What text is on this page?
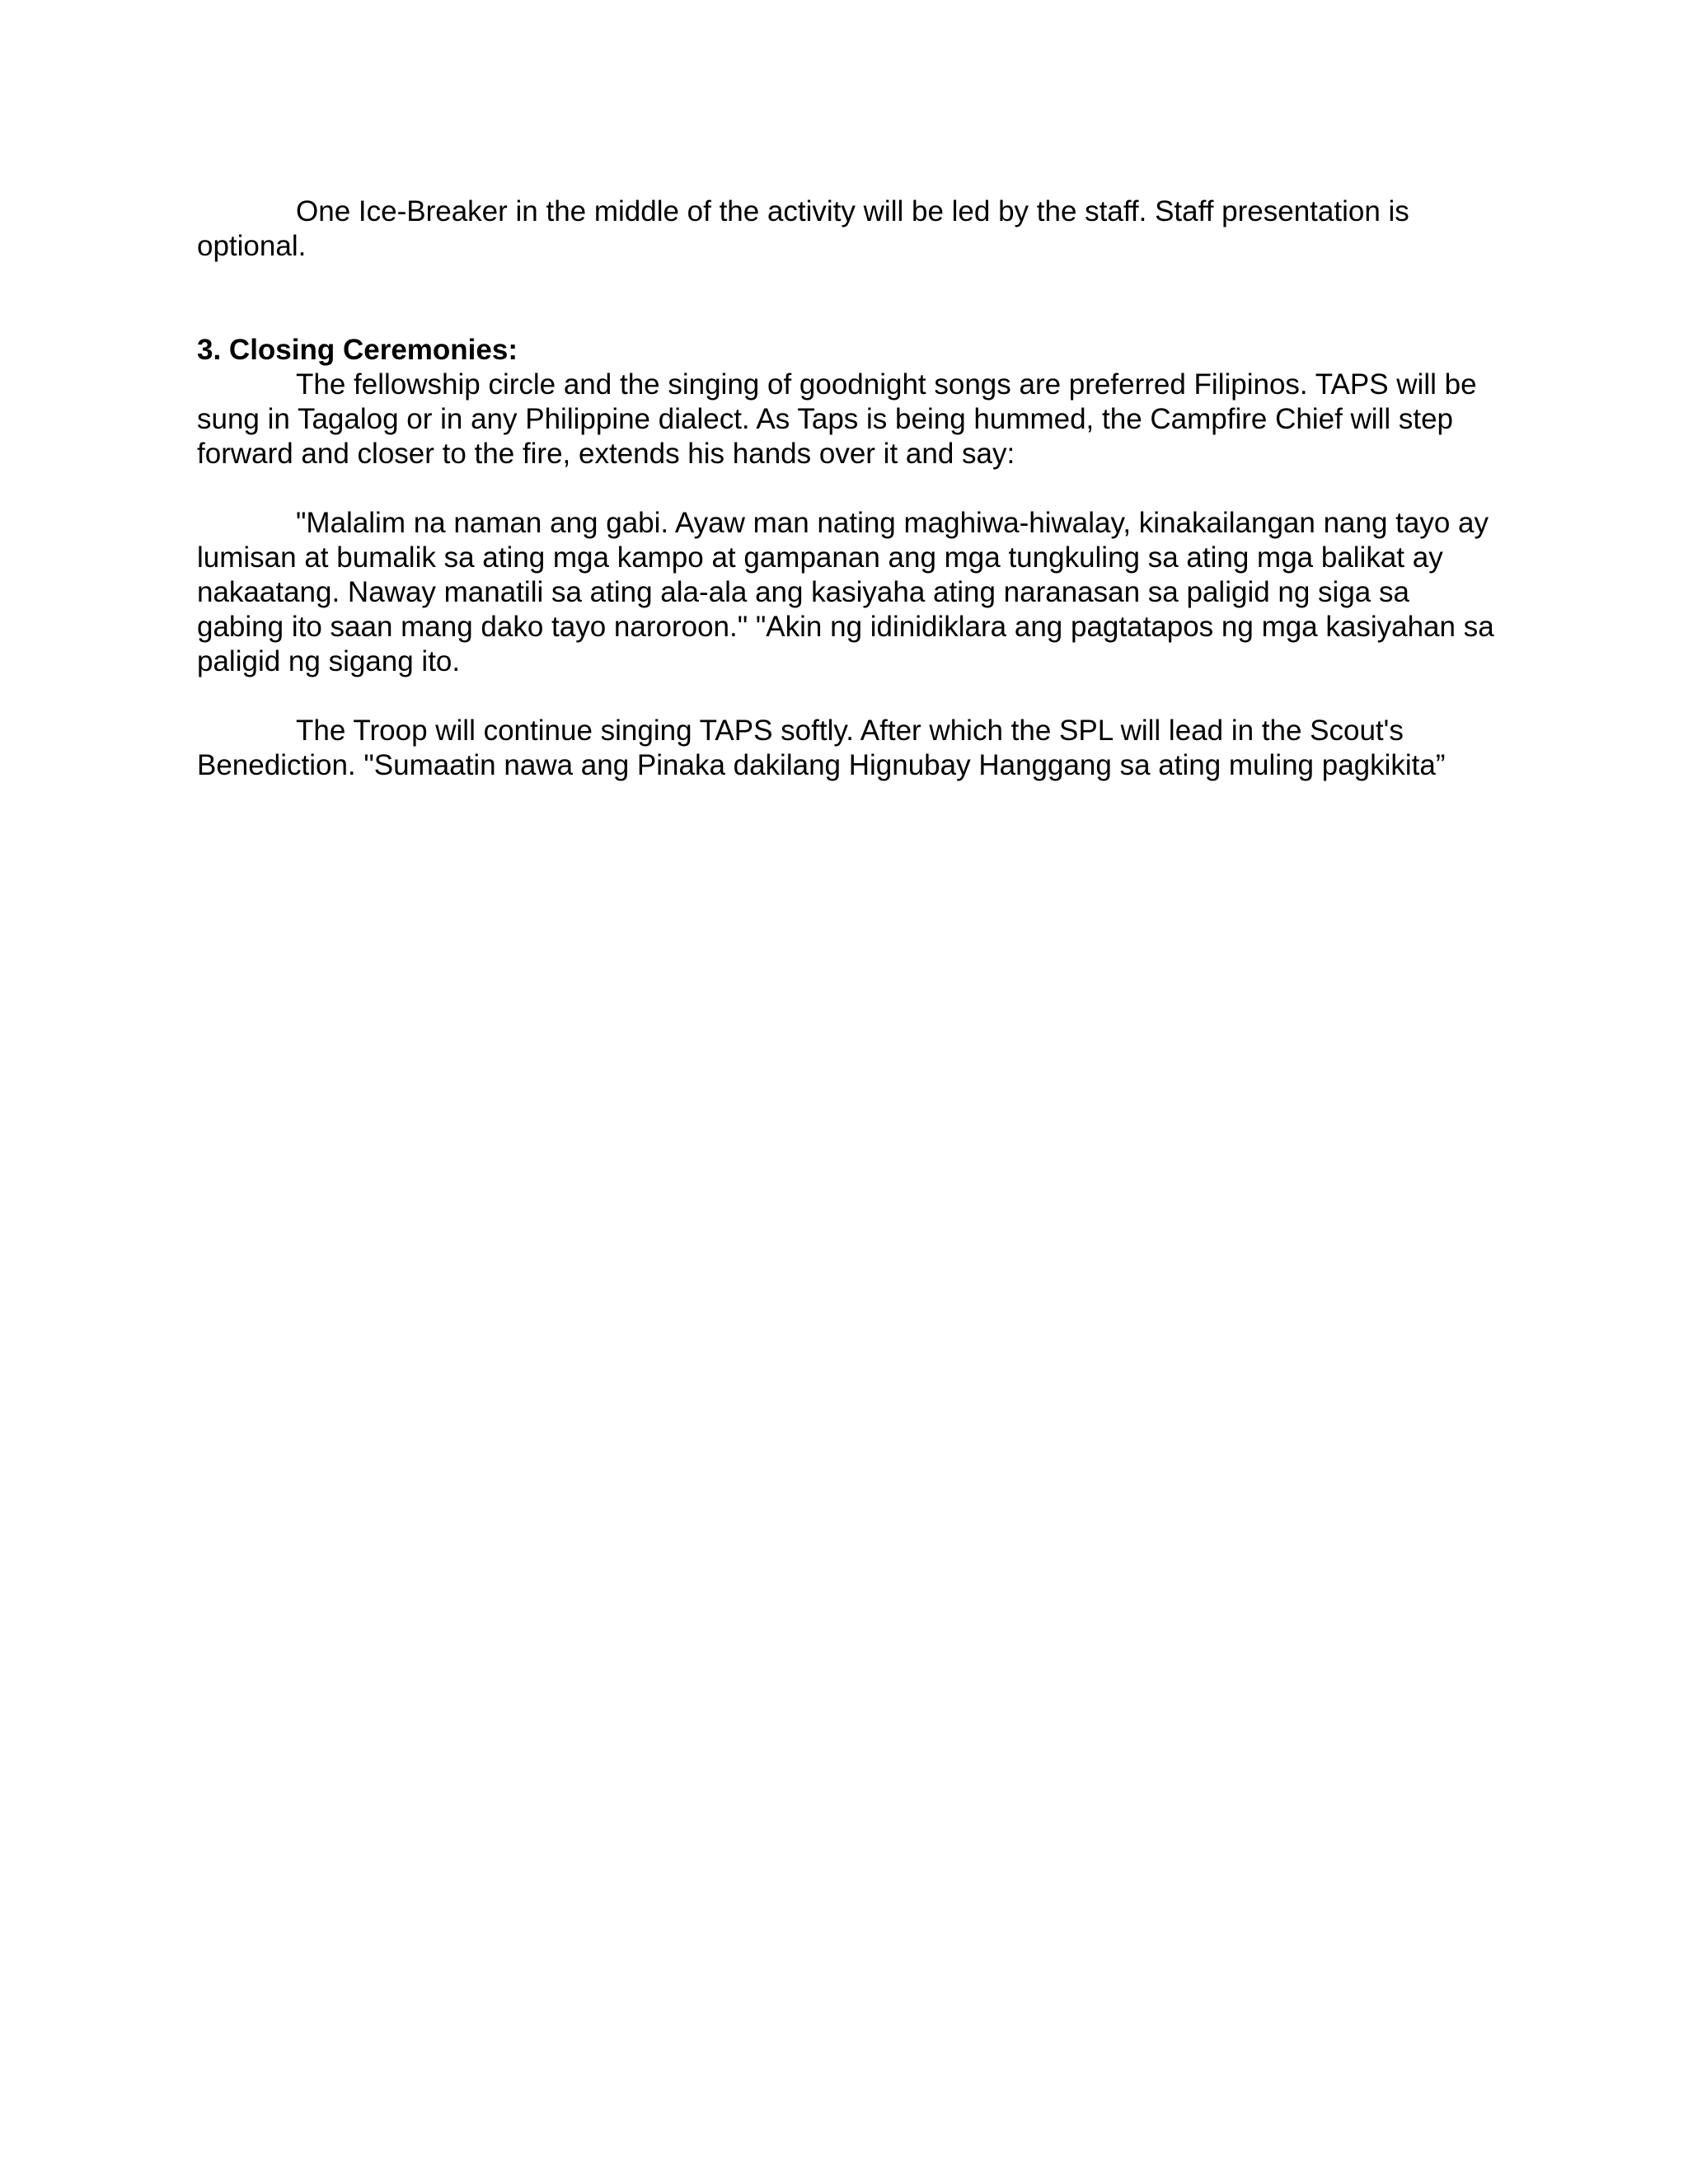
One Ice-Breaker in the middle of the activity will be led by the staff. Staff presentation is optional.

3. Closing Ceremonies:

The fellowship circle and the singing of goodnight songs are preferred Filipinos. TAPS will be sung in Tagalog or in any Philippine dialect. As Taps is being hummed, the Campfire Chief will step forward and closer to the fire, extends his hands over it and say:

"Malalim na naman ang gabi. Ayaw man nating maghiwa-hiwalay, kinakailangan nang tayo ay lumisan at bumalik sa ating mga kampo at gampanan ang mga tungkuling sa ating mga balikat ay nakaatang. Naway manatili sa ating ala-ala ang kasiyaha ating naranasan sa paligid ng siga sa gabing ito saan mang dako tayo naroroon." "Akin ng idinidiklara ang pagtatapos ng mga kasiyahan sa paligid ng sigang ito.

The Troop will continue singing TAPS softly. After which the SPL will lead in the Scout's Benediction. "Sumaatin nawa ang Pinaka dakilang Hignubay Hanggang sa ating muling pagkikita”
